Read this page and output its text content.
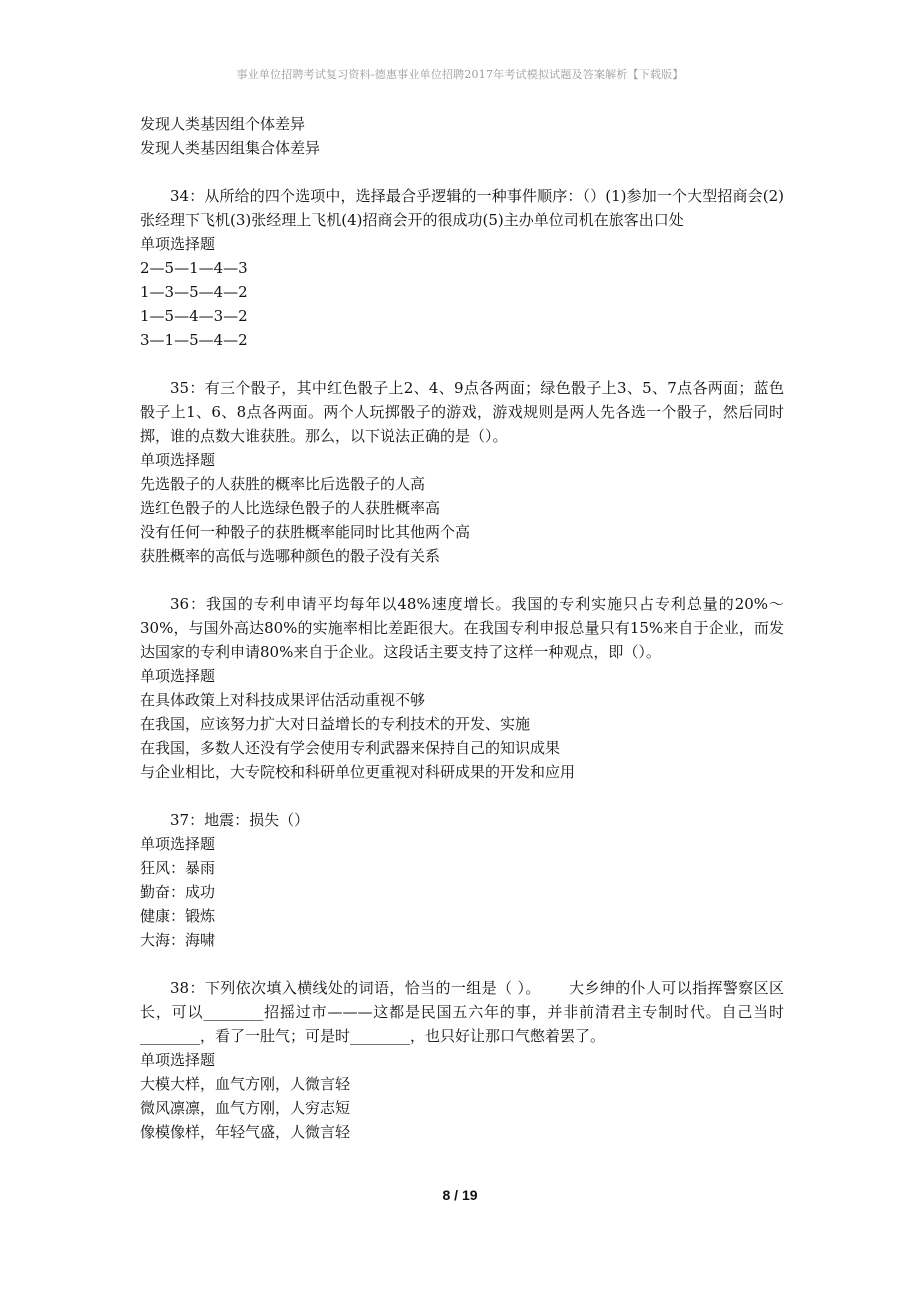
事业单位招聘考试复习资料-德惠事业单位招聘2017年考试模拟试题及答案解析【下载版】
发现人类基因组个体差异
发现人类基因组集合体差异
34：从所给的四个选项中，选择最合乎逻辑的一种事件顺序：（）(1)参加一个大型招商会(2)张经理下飞机(3)张经理上飞机(4)招商会开的很成功(5)主办单位司机在旅客出口处
单项选择题
2—5—1—4—3
1—3—5—4—2
1—5—4—3—2
3—1—5—4—2
35：有三个骰子，其中红色骰子上2、4、9点各两面；绿色骰子上3、5、7点各两面；蓝色骰子上1、6、8点各两面。两个人玩掷骰子的游戏，游戏规则是两人先各选一个骰子，然后同时掷，谁的点数大谁获胜。那么，以下说法正确的是（）。
单项选择题
先选骰子的人获胜的概率比后选骰子的人高
选红色骰子的人比选绿色骰子的人获胜概率高
没有任何一种骰子的获胜概率能同时比其他两个高
获胜概率的高低与选哪种颜色的骰子没有关系
36：我国的专利申请平均每年以48%速度增长。我国的专利实施只占专利总量的20%～30%，与国外高达80%的实施率相比差距很大。在我国专利申报总量只有15%来自于企业，而发达国家的专利申请80%来自于企业。这段话主要支持了这样一种观点，即（）。
单项选择题
在具体政策上对科技成果评估活动重视不够
在我国，应该努力扩大对日益增长的专利技术的开发、实施
在我国，多数人还没有学会使用专利武器来保持自己的知识成果
与企业相比，大专院校和科研单位更重视对科研成果的开发和应用
37：地震：损失（）
单项选择题
狂风：暴雨
勤奋：成功
健康：锻炼
大海：海啸
38：下列依次填入横线处的词语，恰当的一组是（ ）。　　 大乡绅的仆人可以指挥警察区区长，可以________招摇过市———这都是民国五六年的事，并非前清君主专制时代。自己当时________，看了一肚气；可是时________，也只好让那口气憋着罢了。
单项选择题
大模大样，血气方刚，人微言轻
微风凛凛，血气方刚，人穷志短
像模像样，年轻气盛，人微言轻
8 / 19
